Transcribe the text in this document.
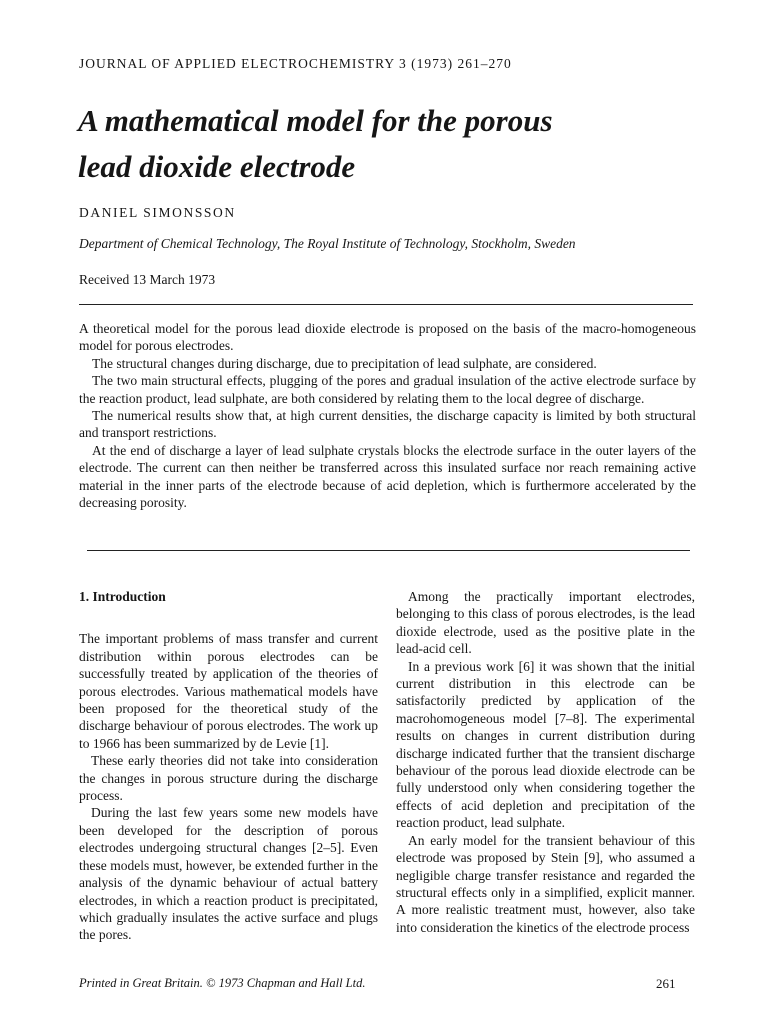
JOURNAL OF APPLIED ELECTROCHEMISTRY 3 (1973) 261–270
A mathematical model for the porous
lead dioxide electrode
DANIEL SIMONSSON
Department of Chemical Technology, The Royal Institute of Technology, Stockholm, Sweden
Received 13 March 1973

A theoretical model for the porous lead dioxide electrode is proposed on the basis of the macro-homogeneous model for porous electrodes.

The structural changes during discharge, due to precipitation of lead sulphate, are considered.

The two main structural effects, plugging of the pores and gradual insulation of the active electrode surface by the reaction product, lead sulphate, are both considered by relating them to the local degree of discharge.

The numerical results show that, at high current densities, the discharge capacity is limited by both structural and transport restrictions.

At the end of discharge a layer of lead sulphate crystals blocks the electrode surface in the outer layers of the electrode. The current can then neither be transferred across this insulated surface nor reach remaining active material in the inner parts of the electrode because of acid depletion, which is furthermore accelerated by the decreasing porosity.

1. Introduction

The important problems of mass transfer and current distribution within porous electrodes can be successfully treated by application of the theories of porous electrodes. Various mathematical models have been proposed for the theoretical study of the discharge behaviour of porous electrodes. The work up to 1966 has been summarized by de Levie [1].

These early theories did not take into consideration the changes in porous structure during the discharge process.

During the last few years some new models have been developed for the description of porous electrodes undergoing structural changes [2–5]. Even these models must, however, be extended further in the analysis of the dynamic behaviour of actual battery electrodes, in which a reaction product is precipitated, which gradually insulates the active surface and plugs the pores.

Among the practically important electrodes, belonging to this class of porous electrodes, is the lead dioxide electrode, used as the positive plate in the lead-acid cell.

In a previous work [6] it was shown that the initial current distribution in this electrode can be satisfactorily predicted by application of the macrohomogeneous model [7–8]. The experimental results on changes in current distribution during discharge indicated further that the transient discharge behaviour of the porous lead dioxide electrode can be fully understood only when considering together the effects of acid depletion and precipitation of the reaction product, lead sulphate.

An early model for the transient behaviour of this electrode was proposed by Stein [9], who assumed a negligible charge transfer resistance and regarded the structural effects only in a simplified, explicit manner. A more realistic treatment must, however, also take into consideration the kinetics of the electrode process

Printed in Great Britain. © 1973 Chapman and Hall Ltd.	261
